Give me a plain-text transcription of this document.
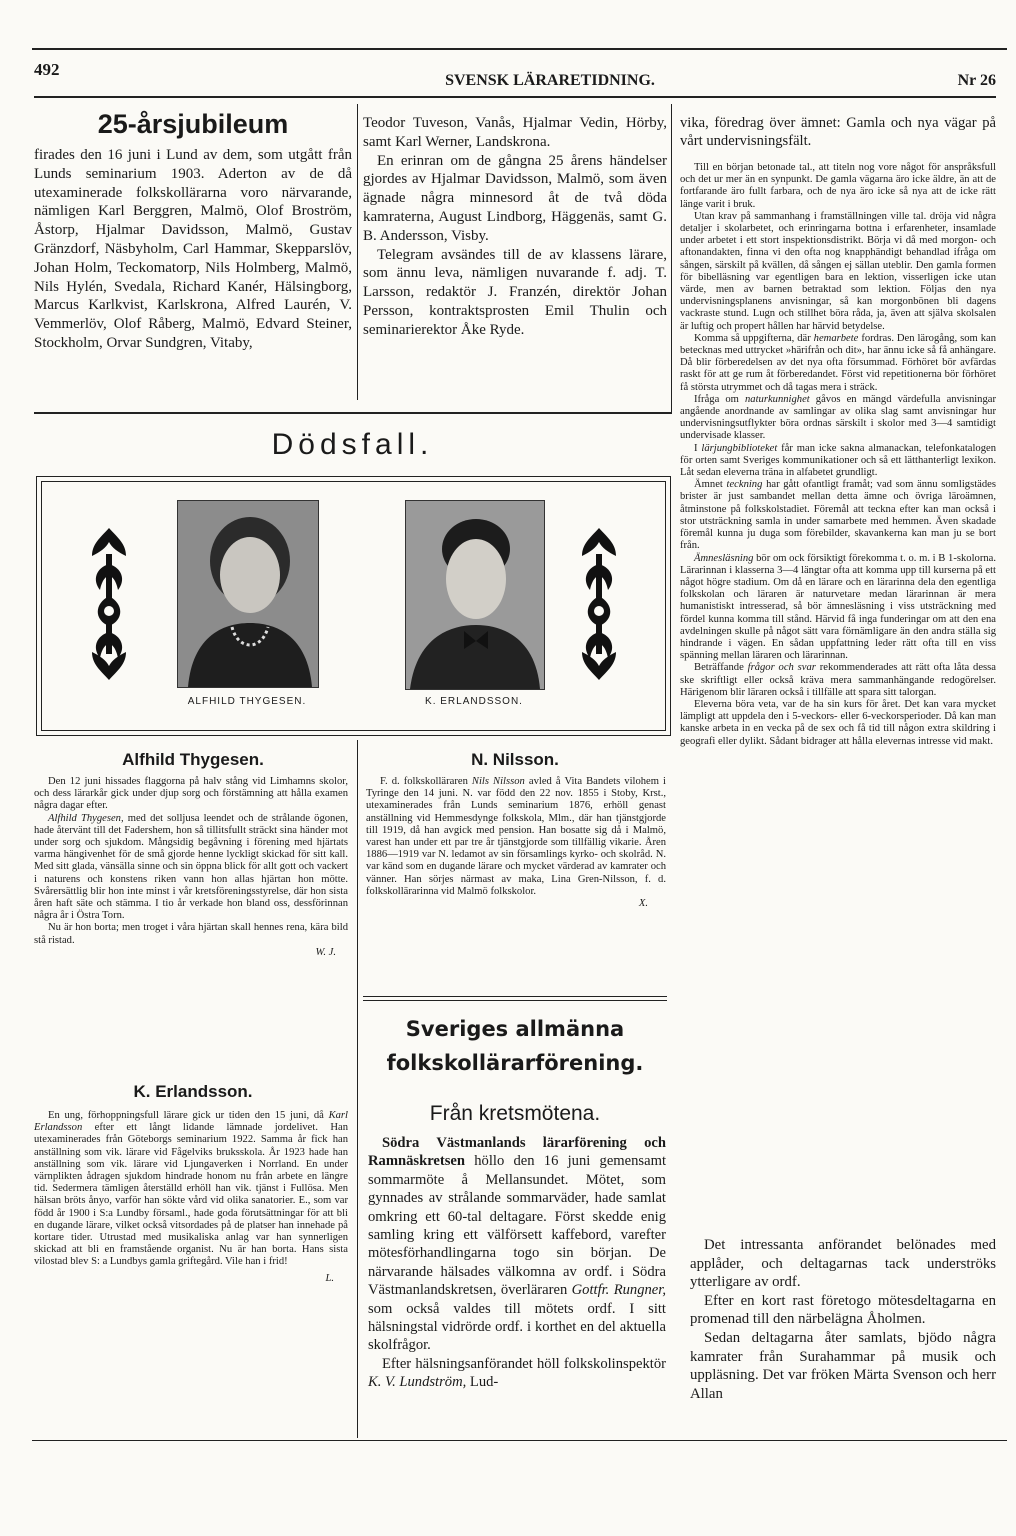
492
SVENSK LÄRARETIDNING.	Nr 26
25-årsjubileum

firades den 16 juni i Lund av dem, som utgått från Lunds seminarium 1903. Aderton av de då utexaminerade folkskollärarna voro närvarande, nämligen Karl Berggren, Malmö, Olof Broström, Åstorp, Hjalmar Davidsson, Malmö, Gustav Gränzdorf, Näsbyholm, Carl Hammar, Skepparslöv, Johan Holm, Teckomatorp, Nils Holmberg, Malmö, Nils Hylén, Svedala, Richard Kanér, Hälsingborg, Marcus Karlkvist, Karlskrona, Alfred Laurén, V. Vemmerlöv, Olof Råberg, Malmö, Edvard Steiner, Stockholm, Orvar Sundgren, Vitaby,

Teodor Tuveson, Vanås, Hjalmar Vedin, Hörby, samt Karl Werner, Landskrona.

En erinran om de gångna 25 årens händelser gjordes av Hjalmar Davidsson, Malmö, som även ägnade några minnesord åt de två döda kamraterna, August Lindborg, Häggenäs, samt G. B. Andersson, Visby.

Telegram avsändes till de av klassens lärare, som ännu leva, nämligen nuvarande f. adj. T. Larsson, redaktör J. Franzén, direktör Johan Persson, kontraktsprosten Emil Thulin och seminarierektor Åke Ryde.

Dödsfall.
ALFHILD THYGESEN.	K. ERLANDSSON.
Alfhild Thygesen.

Den 12 juni hissades flaggorna på halv stång vid Limhamns skolor, och dess lärarkår gick under djup sorg och förstämning att hålla examen några dagar efter.

Alfhild Thygesen, med det solljusa leendet och de strålande ögonen, hade återvänt till det Fadershem, hon så tillitsfullt sträckt sina händer mot under sorg och sjukdom. Mångsidig begåvning i förening med hjärtats varma hängivenhet för de små gjorde henne lyckligt skickad för sitt kall. Med sitt glada, vänsälla sinne och sin öppna blick för allt gott och vackert i naturens och konstens riken vann hon allas hjärtan hon mötte. Svårersättlig blir hon inte minst i vår kretsföreningsstyrelse, där hon sista åren haft säte och stämma. I tio år verkade hon bland oss, dessförinnan några år i Östra Torn.

Nu är hon borta; men troget i våra hjärtan skall hennes rena, kära bild stå ristad.

W. J.
K. Erlandsson.

En ung, förhoppningsfull lärare gick ur tiden den 15 juni, då Karl Erlandsson efter ett långt lidande lämnade jordelivet. Han utexaminerades från Göteborgs seminarium 1922. Samma år fick han anställning som vik. lärare vid Fågelviks bruksskola. År 1923 hade han anställning som vik. lärare vid Ljungaverken i Norrland. En under värnplikten ådragen sjukdom hindrade honom nu från arbete en längre tid. Sedermera tämligen återställd erhöll han vik. tjänst i Fullösa. Men hälsan bröts ånyo, varför han sökte vård vid olika sanatorier. E., som var född år 1900 i S:a Lundby församl., hade goda förutsättningar för att bli en dugande lärare, vilket också vitsordades på de platser han innehade på kortare tider. Utrustad med musikaliska anlag var han synnerligen skickad att bli en framstående organist. Nu är han borta. Hans sista vilostad blev S: a Lundbys gamla griftegård. Vile han i frid!

L.
N. Nilsson.

F. d. folkskolläraren Nils Nilsson avled å Vita Bandets vilohem i Tyringe den 14 juni. N. var född den 22 nov. 1855 i Stoby, Krst., utexaminerades från Lunds seminarium 1876, erhöll genast anställning vid Hemmesdynge folkskola, Mlm., där han tjänstgjorde till 1919, då han avgick med pension. Han bosatte sig då i Malmö, varest han under ett par tre år tjänstgjorde som tillfällig vikarie. Åren 1886—1919 var N. ledamot av sin församlings kyrko- och skolråd. N. var känd som en dugande lärare och mycket värderad av kamrater och vänner. Han sörjes närmast av maka, Lina Gren-Nilsson, f. d. folkskollärarinna vid Malmö folkskolor.

X.
Sveriges allmänna
folkskollärarförening.
Från kretsmötena.

Södra Västmanlands lärarförening och Ramnäskretsen höllo den 16 juni gemensamt sommarmöte å Mellansundet. Mötet, som gynnades av strålande sommarväder, hade samlat omkring ett 60-tal deltagare. Först skedde enig samling kring ett välförsett kaffebord, varefter mötesförhandlingarna togo sin början. De närvarande hälsades välkomna av ordf. i Södra Västmanlandskretsen, överläraren Gottfr. Rungner, som också valdes till mötets ordf. I sitt hälsningstal vidrörde ordf. i korthet en del aktuella skolfrågor.

Efter hälsningsanförandet höll folkskolinspektör K. V. Lundström, Lud-

vika, föredrag över ämnet: Gamla och nya vägar på vårt undervisningsfält.

Till en början betonade tal., att titeln nog vore något för anspråksfull och det ur mer än en synpunkt. De gamla vägarna äro icke äldre, än att de fortfarande äro fullt farbara, och de nya äro icke så nya att de icke rätt länge varit i bruk.

Utan krav på sammanhang i framställningen ville tal. dröja vid några detaljer i skolarbetet, och erinringarna bottna i erfarenheter, insamlade under arbetet i ett stort inspektionsdistrikt. Börja vi då med morgon- och aftonandakten, finna vi den ofta nog knapphändigt behandlad ifråga om sången, särskilt på kvällen, då sången ej sällan uteblir. Den gamla formen för bibelläsning var egentligen bara en lektion, visserligen icke utan värde, men av barnen betraktad som lektion. Följas den nya undervisningsplanens anvisningar, så kan morgonbönen bli dagens vackraste stund. Lugn och stillhet böra råda, ja, även att själva skolsalen är luftig och propert hållen har härvid betydelse.

Komma så uppgifterna, där hemarbete fordras. Den lärogång, som kan betecknas med uttrycket »härifrån och dit», har ännu icke så få anhängare. Då blir förberedelsen av det nya ofta försummad. Förhöret bör avfärdas raskt för att ge rum åt förberedandet. Först vid repetitionerna bör förhöret få största utrymmet och då tagas mera i sträck.

Ifråga om naturkunnighet gåvos en mängd värdefulla anvisningar angående anordnande av samlingar av olika slag samt anvisningar hur undervisningsutflykter böra ordnas särskilt i skolor med 3—4 samtidigt undervisade klasser.

I lärjungbiblioteket får man icke sakna almanackan, telefonkatalogen för orten samt Sveriges kommunikationer och så ett lätthanterligt lexikon. Låt sedan eleverna träna in alfabetet grundligt.

Ämnet teckning har gått ofantligt framåt; vad som ännu somligstädes brister är just sambandet mellan detta ämne och övriga läroämnen, åtminstone på folkskolstadiet. Föremål att teckna efter kan man också i stor utsträckning samla in under samarbete med hemmen. Även skadade föremål kunna ju duga som förebilder, skavankerna kan man ju se bort från.

Ämnesläsning bör om ock försiktigt förekomma t. o. m. i B 1-skolorna. Lärarinnan i klasserna 3—4 längtar ofta att komma upp till kurserna på ett något högre stadium. Om då en lärare och en lärarinna dela den egentliga folkskolan och läraren är naturvetare medan lärarinnan är mera humanistiskt intresserad, så bör ämnesläsning i viss utsträckning med fördel kunna komma till stånd. Härvid få inga funderingar om att den ena avdelningen skulle på något sätt vara förnämligare än den andra ställa sig hindrande i vägen. En sådan uppfattning leder rätt ofta till en viss spänning mellan läraren och lärarinnan.

Beträffande frågor och svar rekommenderades att rätt ofta låta dessa ske skriftligt eller också kräva mera sammanhängande redogörelser. Härigenom blir läraren också i tillfälle att spara sitt talorgan.

Eleverna böra veta, var de ha sin kurs för året. Det kan vara mycket lämpligt att uppdela den i 5-veckors- eller 6-veckorsperioder. Då kan man kanske arbeta in en vecka på de sex och få tid till någon extra skildring i geografi eller dylikt. Sådant bidrager att hålla elevernas intresse vid makt.

Det intressanta anförandet belönades med applåder, och deltagarnas tack underströks ytterligare av ordf.

Efter en kort rast företogo mötesdeltagarna en promenad till den närbelägna Åholmen.

Sedan deltagarna åter samlats, bjödo några kamrater från Surahammar på musik och uppläsning. Det var fröken Märta Svenson och herr Allan
